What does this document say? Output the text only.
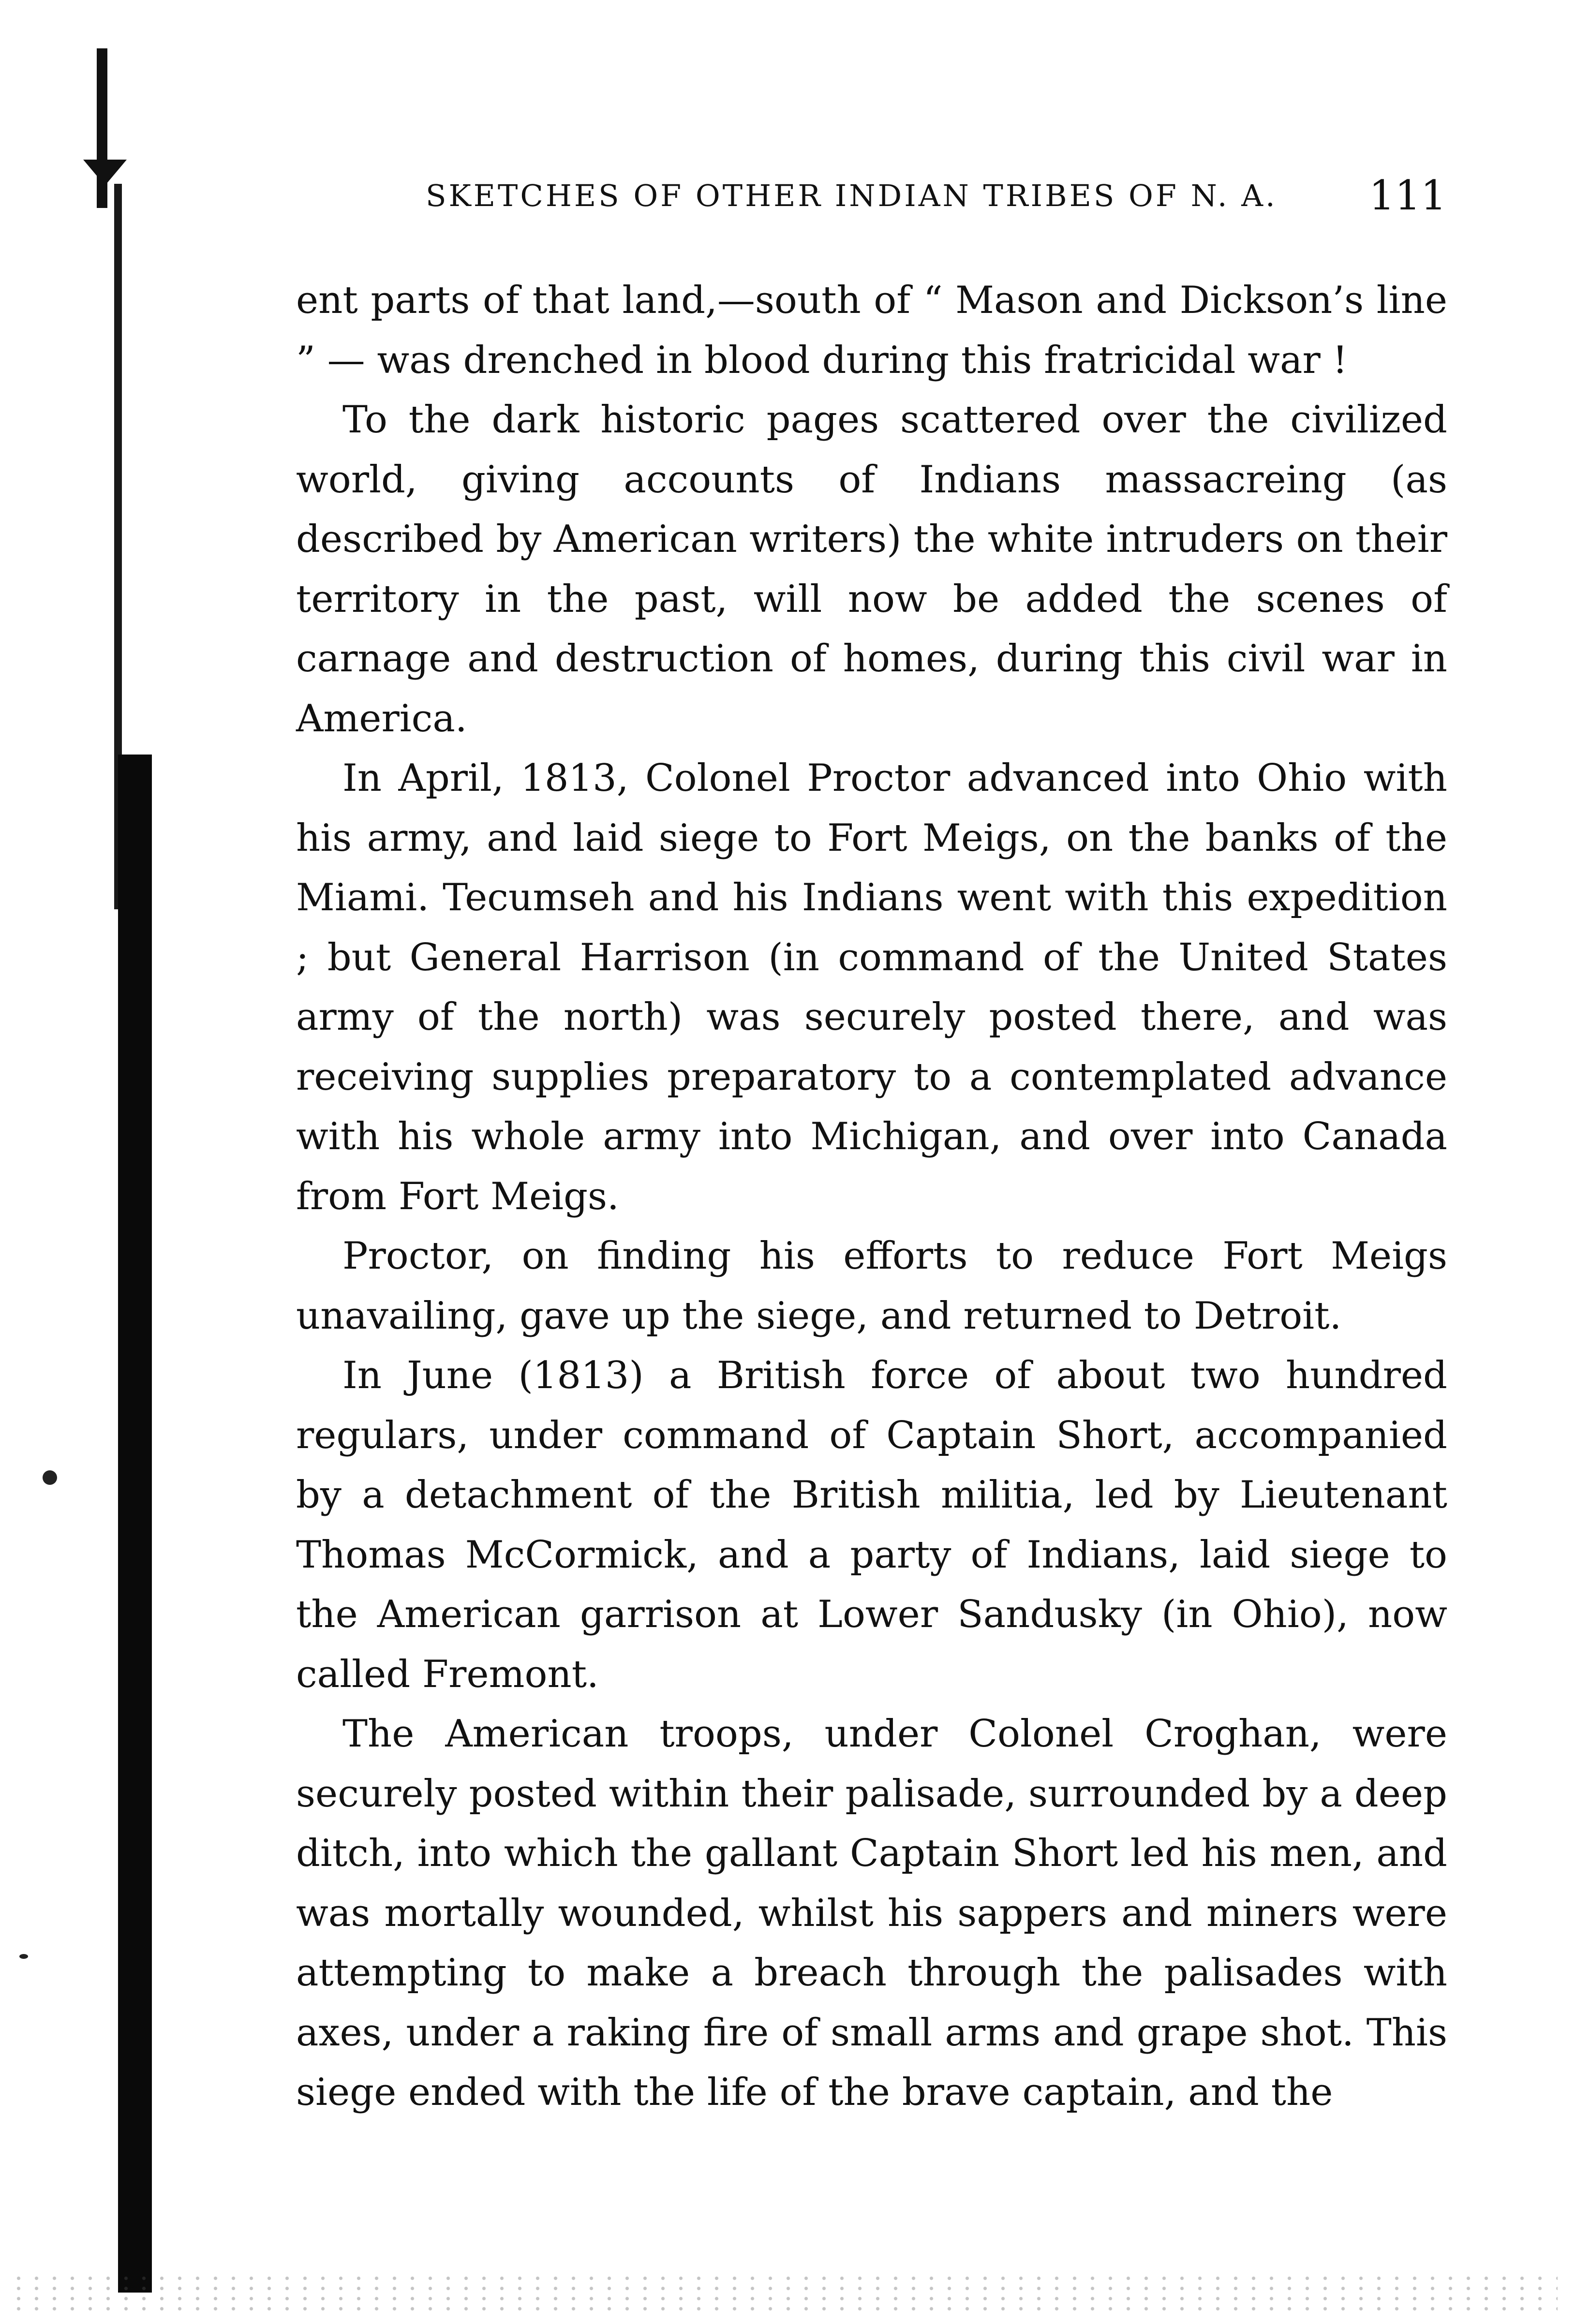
SKETCHES OF OTHER INDIAN TRIBES OF N. A. 111

ent parts of that land,—south of “ Mason and Dickson’s line ” — was drenched in blood during this fratricidal war !

To the dark historic pages scattered over the civilized world, giving accounts of Indians massacreing (as described by American writers) the white intruders on their territory in the past, will now be added the scenes of carnage and destruction of homes, during this civil war in America.

In April, 1813, Colonel Proctor advanced into Ohio with his army, and laid siege to Fort Meigs, on the banks of the Miami. Tecumseh and his Indians went with this expedition ; but General Harrison (in command of the United States army of the north) was securely posted there, and was receiving supplies preparatory to a contemplated advance with his whole army into Michigan, and over into Canada from Fort Meigs.

Proctor, on finding his efforts to reduce Fort Meigs unavailing, gave up the siege, and returned to Detroit.

In June (1813) a British force of about two hundred regulars, under command of Captain Short, accompanied by a detachment of the British militia, led by Lieutenant Thomas McCormick, and a party of Indians, laid siege to the American garrison at Lower Sandusky (in Ohio), now called Fremont.

The American troops, under Colonel Croghan, were securely posted within their palisade, surrounded by a deep ditch, into which the gallant Captain Short led his men, and was mortally wounded, whilst his sappers and miners were attempting to make a breach through the palisades with axes, under a raking fire of small arms and grape shot. This siege ended with the life of the brave captain, and the
